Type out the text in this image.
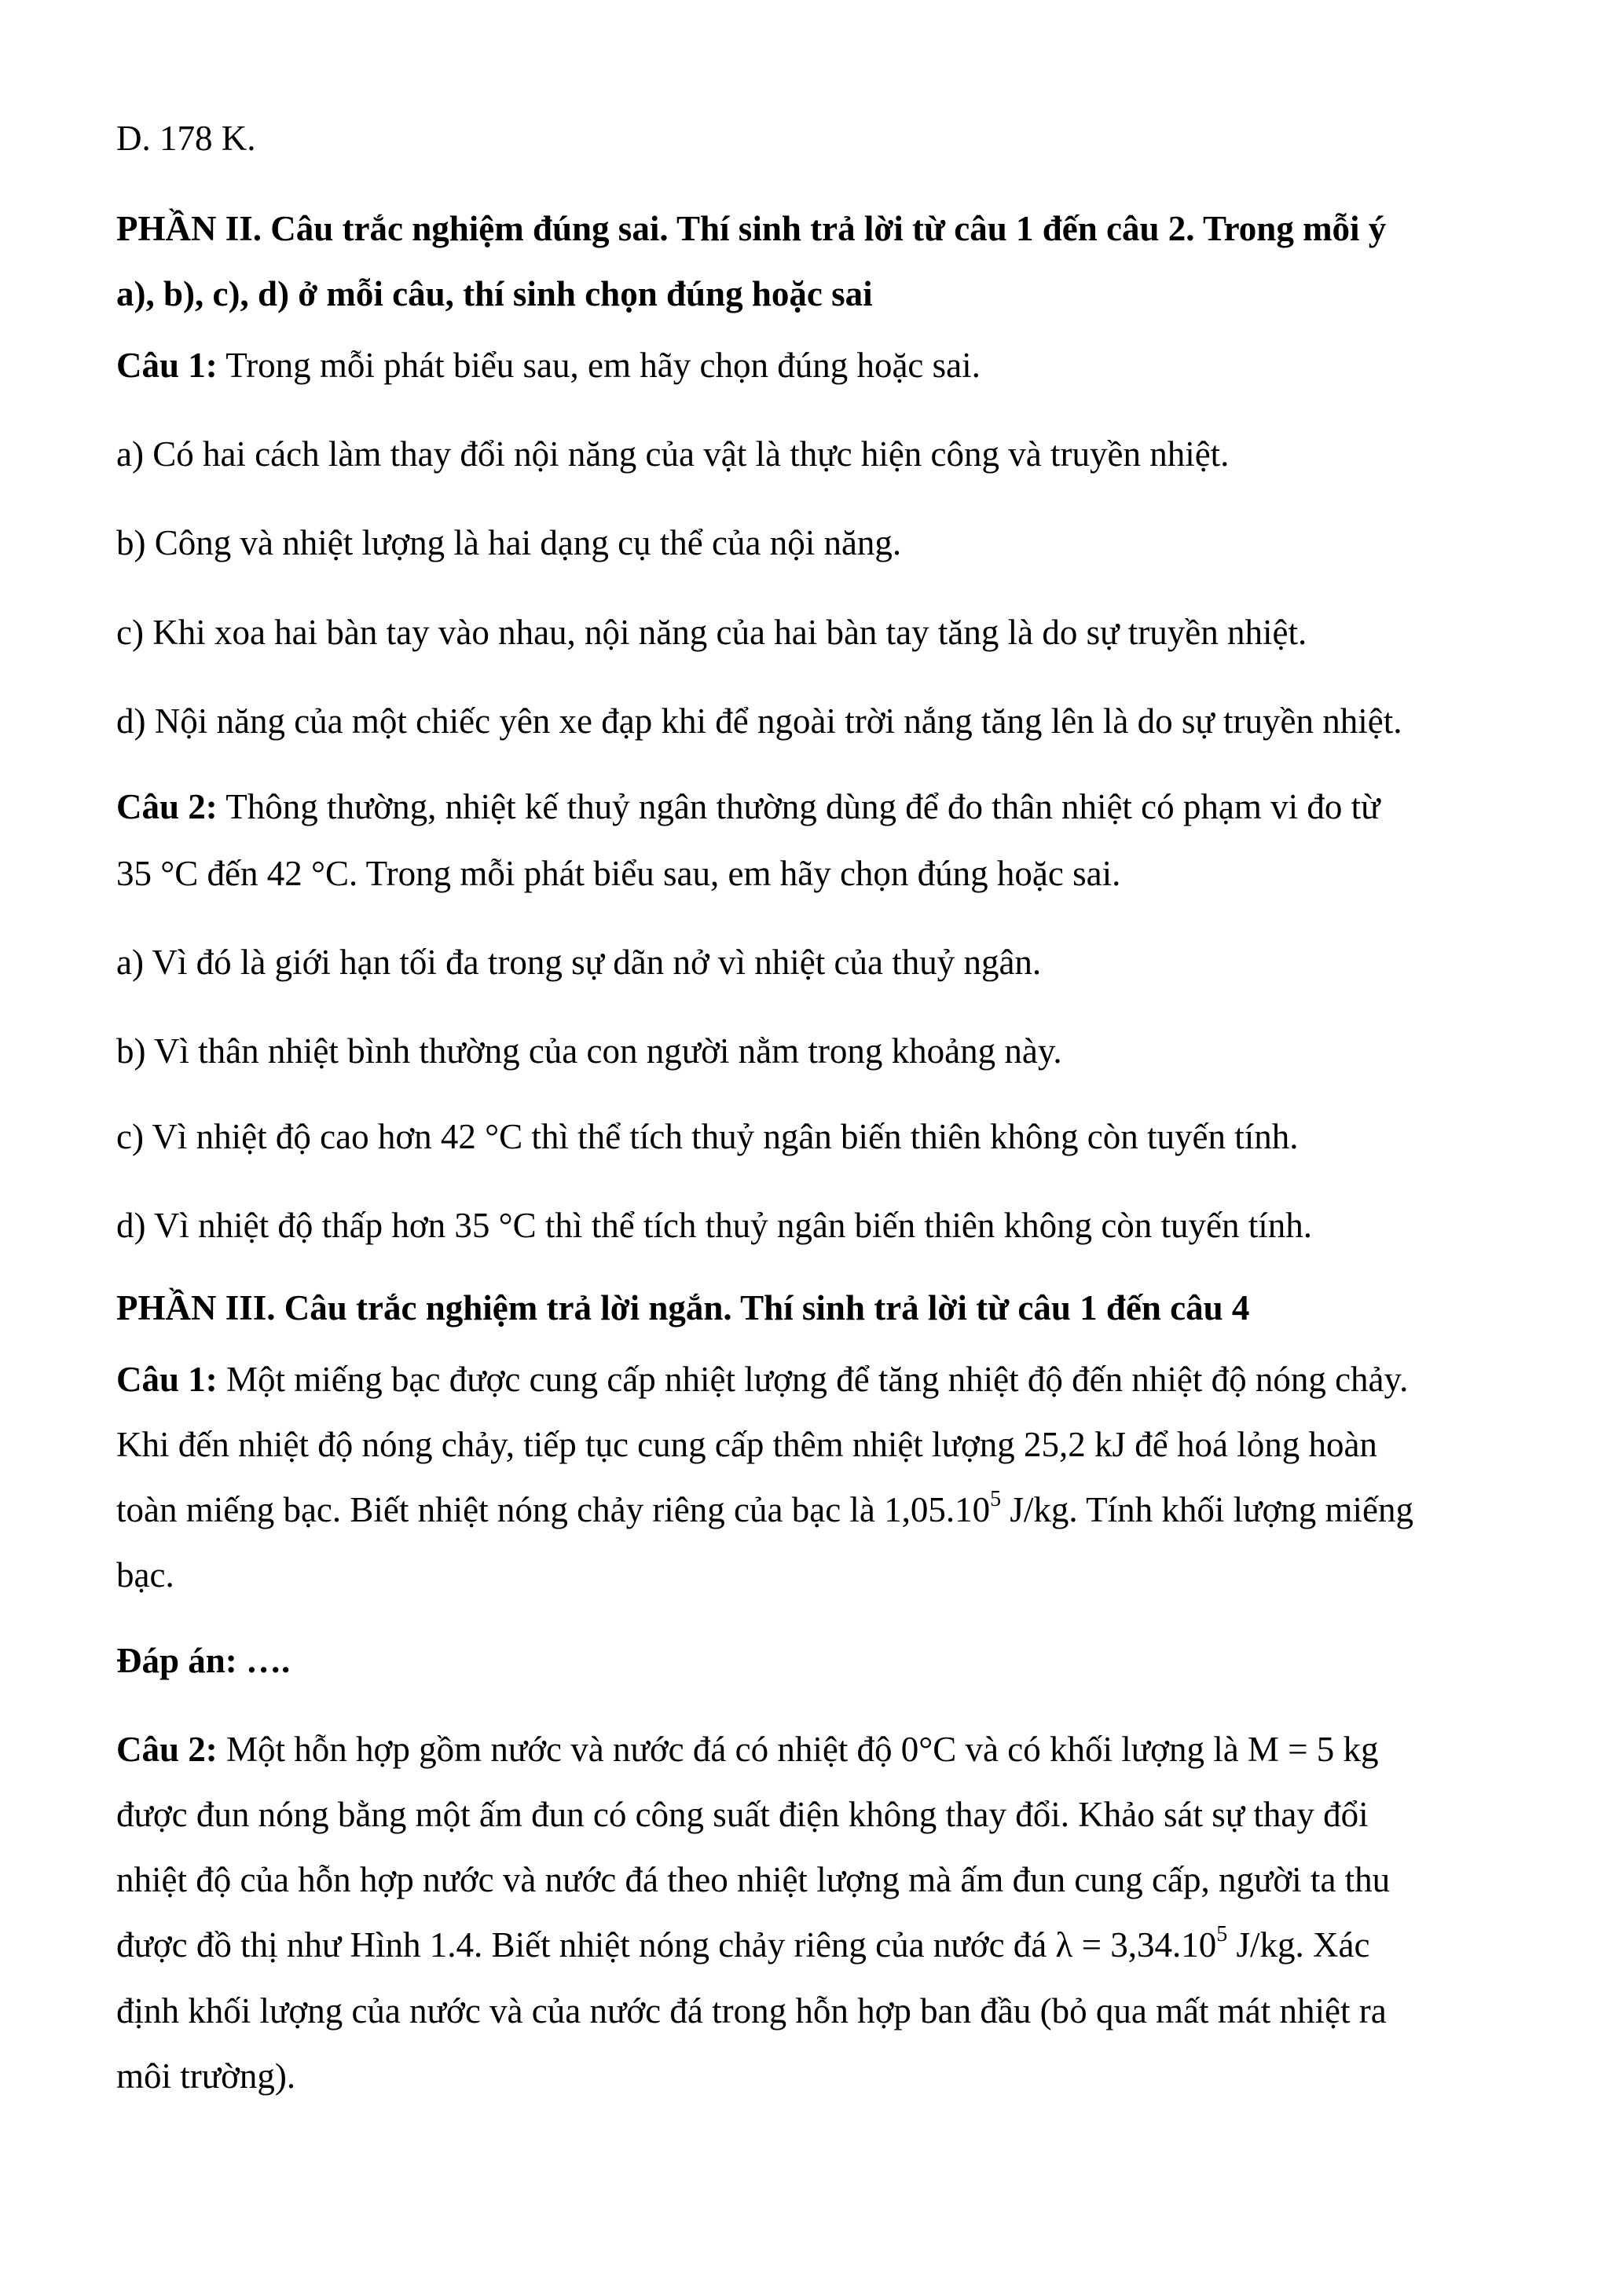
D. 178 K.
PHẦN II. Câu trắc nghiệm đúng sai. Thí sinh trả lời từ câu 1 đến câu 2. Trong mỗi ý
a), b), c), d) ở mỗi câu, thí sinh chọn đúng hoặc sai
Câu 1: Trong mỗi phát biểu sau, em hãy chọn đúng hoặc sai.
a) Có hai cách làm thay đổi nội năng của vật là thực hiện công và truyền nhiệt.
b) Công và nhiệt lượng là hai dạng cụ thể của nội năng.
c) Khi xoa hai bàn tay vào nhau, nội năng của hai bàn tay tăng là do sự truyền nhiệt.
d) Nội năng của một chiếc yên xe đạp khi để ngoài trời nắng tăng lên là do sự truyền nhiệt.
Câu 2: Thông thường, nhiệt kế thuỷ ngân thường dùng để đo thân nhiệt có phạm vi đo từ
35 °C đến 42 °C. Trong mỗi phát biểu sau, em hãy chọn đúng hoặc sai.
a) Vì đó là giới hạn tối đa trong sự dãn nở vì nhiệt của thuỷ ngân.
b) Vì thân nhiệt bình thường của con người nằm trong khoảng này.
c) Vì nhiệt độ cao hơn 42 °C thì thể tích thuỷ ngân biến thiên không còn tuyến tính.
d) Vì nhiệt độ thấp hơn 35 °C thì thể tích thuỷ ngân biến thiên không còn tuyến tính.
PHẦN III. Câu trắc nghiệm trả lời ngắn. Thí sinh trả lời từ câu 1 đến câu 4
Câu 1: Một miếng bạc được cung cấp nhiệt lượng để tăng nhiệt độ đến nhiệt độ nóng chảy.
Khi đến nhiệt độ nóng chảy, tiếp tục cung cấp thêm nhiệt lượng 25,2 kJ để hoá lỏng hoàn
toàn miếng bạc. Biết nhiệt nóng chảy riêng của bạc là 1,05.10$^5$ J/kg. Tính khối lượng miếng
bạc.
Đáp án: ….
Câu 2: Một hỗn hợp gồm nước và nước đá có nhiệt độ 0°C và có khối lượng là M = 5 kg
được đun nóng bằng một ấm đun có công suất điện không thay đổi. Khảo sát sự thay đổi
nhiệt độ của hỗn hợp nước và nước đá theo nhiệt lượng mà ấm đun cung cấp, người ta thu
được đồ thị như Hình 1.4. Biết nhiệt nóng chảy riêng của nước đá $\lambda = 3,34.10^5$ J/kg. Xác
định khối lượng của nước và của nước đá trong hỗn hợp ban đầu (bỏ qua mất mát nhiệt ra
môi trường).
